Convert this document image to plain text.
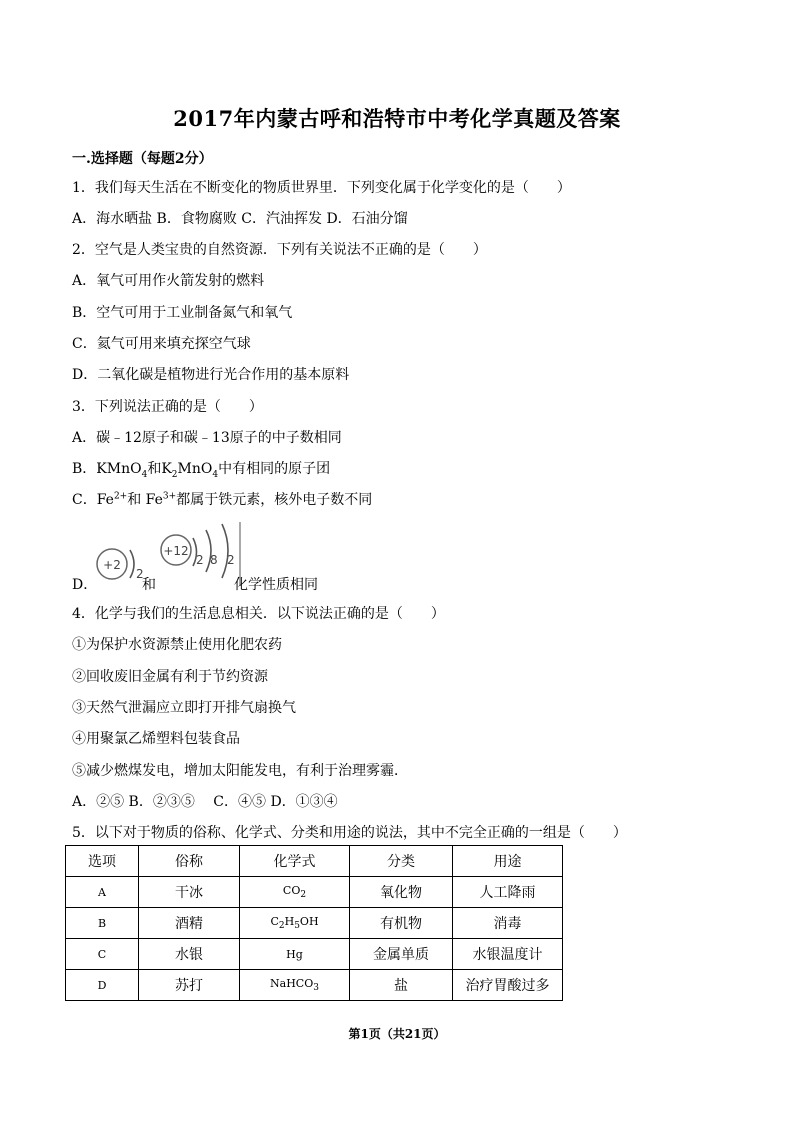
2017年内蒙古呼和浩特市中考化学真题及答案
一.选择题（每题2分）
1．我们每天生活在不断变化的物质世界里．下列变化属于化学变化的是（　　）
A．海水晒盐 B．食物腐败 C．汽油挥发 D．石油分馏
2．空气是人类宝贵的自然资源．下列有关说法不正确的是（　　）
A．氧气可用作火箭发射的燃料
B．空气可用于工业制备氮气和氧气
C．氦气可用来填充探空气球
D．二氧化碳是植物进行光合作用的基本原料
3．下列说法正确的是（　　）
A．碳﹣12原子和碳﹣13原子的中子数相同
B．KMnO$_4$和$K_2MnO_4$中有相同的原子团
C．$Fe^{2+}$和 $Fe^{3+}$都属于铁元素，核外电子数不同
+2
2
+12
2 8 2
D．	和	化学性质相同
4．化学与我们的生活息息相关．以下说法正确的是（　　）
①为保护水资源禁止使用化肥农药
②回收废旧金属有利于节约资源
③天然气泄漏应立即打开排气扇换气
④用聚氯乙烯塑料包装食品
⑤减少燃煤发电，增加太阳能发电，有利于治理雾霾．
A．②⑤ B．②③⑤　 C．④⑤ D．①③④
5．以下对于物质的俗称、化学式、分类和用途的说法，其中不完全正确的一组是（　　）
选项	俗称	化学式	分类	用途
A	干冰	$CO_2$	氧化物	人工降雨
B	酒精	$C_2H_5OH$	有机物	消毒
C	水银	Hg	金属单质	水银温度计
D	苏打	NaHCO$_3$	盐	治疗胃酸过多
第1页（共21页）
